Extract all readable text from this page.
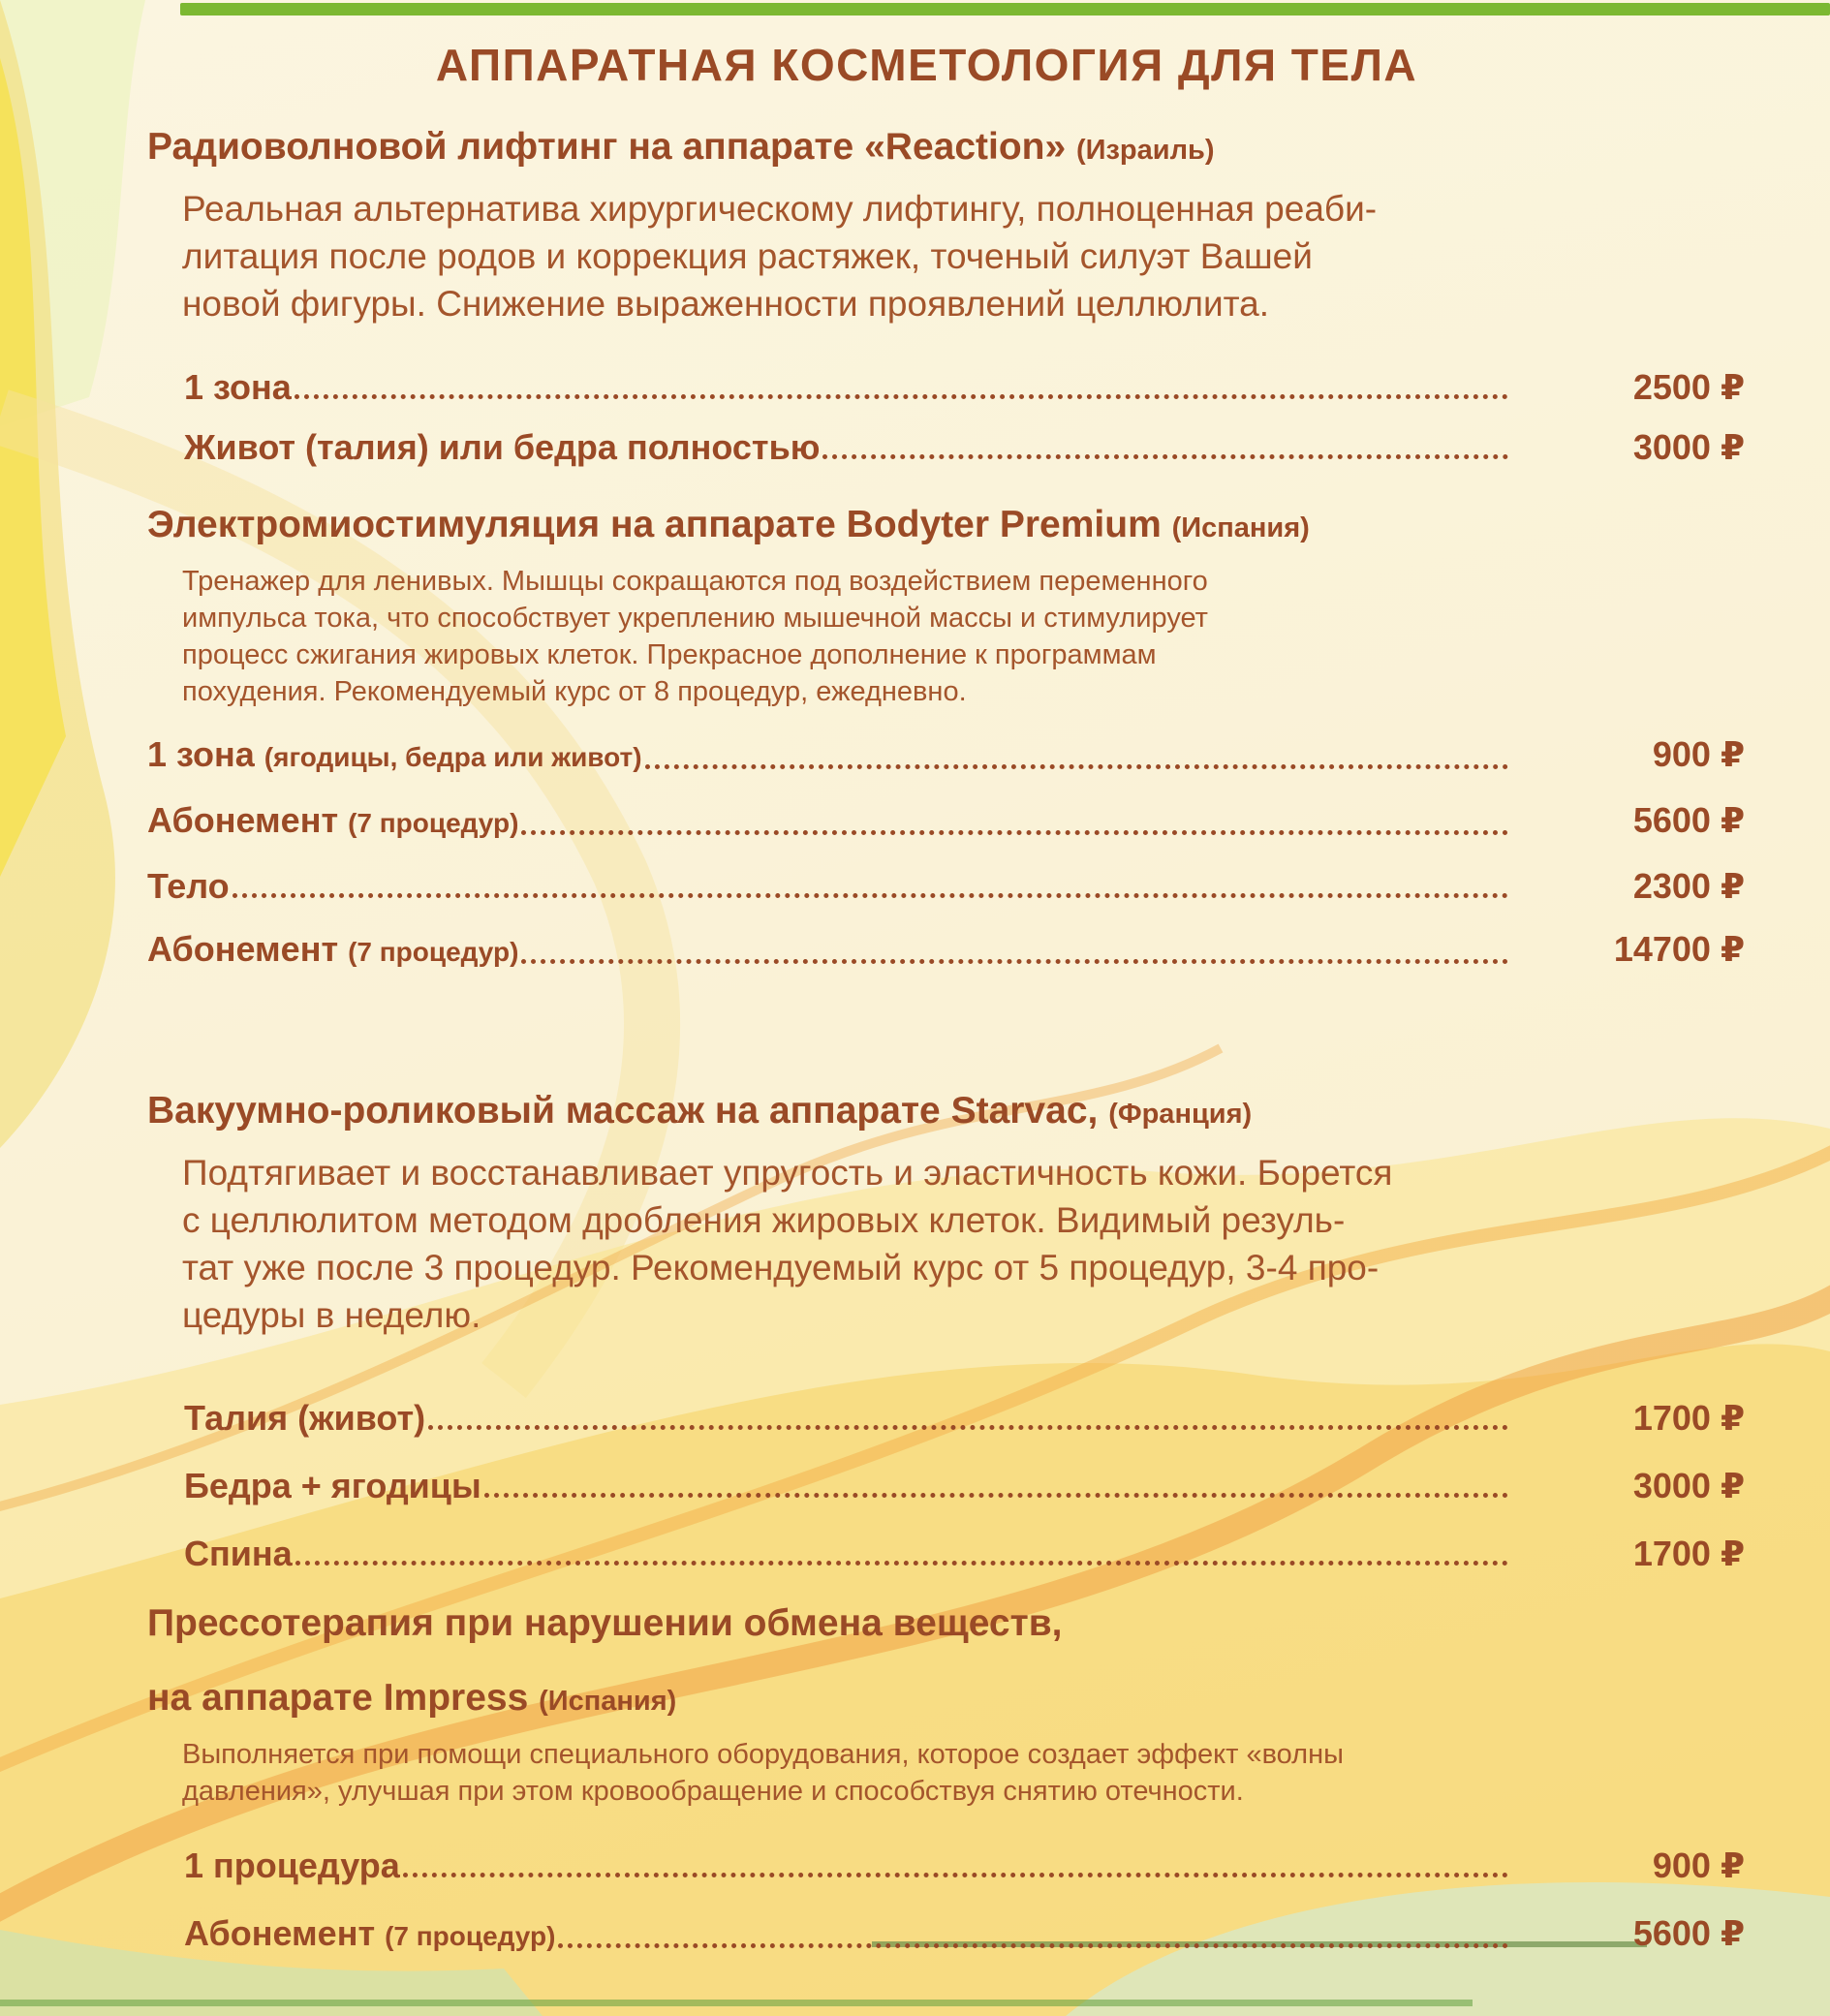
АППАРАТНАЯ КОСМЕТОЛОГИЯ ДЛЯ ТЕЛА
Радиоволновой лифтинг на аппарате «Reaction» (Израиль)
Реальная альтернатива хирургическому лифтингу, полноценная реаби-
литация после родов и коррекция растяжек, точеный силуэт Вашей
новой фигуры. Снижение выраженности проявлений целлюлита.
1 зона	2500 ₽
Живот (талия) или бедра полностью	3000 ₽
Электромиостимуляция на аппарате Bodyter Premium (Испания)
Тренажер для ленивых. Мышцы сокращаются под воздействием переменного
импульса тока, что способствует укреплению мышечной массы и стимулирует
процесс сжигания жировых клеток. Прекрасное дополнение к программам
похудения. Рекомендуемый курс от 8 процедур, ежедневно.
1 зона (ягодицы, бедра или живот)	900 ₽
Абонемент (7 процедур)	5600 ₽
Тело	2300 ₽
Абонемент (7 процедур)	14700 ₽
Вакуумно-роликовый массаж на аппарате Starvac, (Франция)
Подтягивает и восстанавливает упругость и эластичность кожи. Борется
с целлюлитом методом дробления жировых клеток. Видимый резуль-
тат уже после 3 процедур. Рекомендуемый курс от 5 процедур, 3-4 про-
цедуры в неделю.
Талия (живот)	1700 ₽
Бедра + ягодицы	3000 ₽
Спина	1700 ₽
Прессотерапия при нарушении обмена веществ,
на аппарате Impress (Испания)
Выполняется при помощи специального оборудования, которое создает эффект «волны
давления», улучшая при этом кровообращение и способствуя снятию отечности.
1 процедура	900 ₽
Абонемент (7 процедур)	5600 ₽
